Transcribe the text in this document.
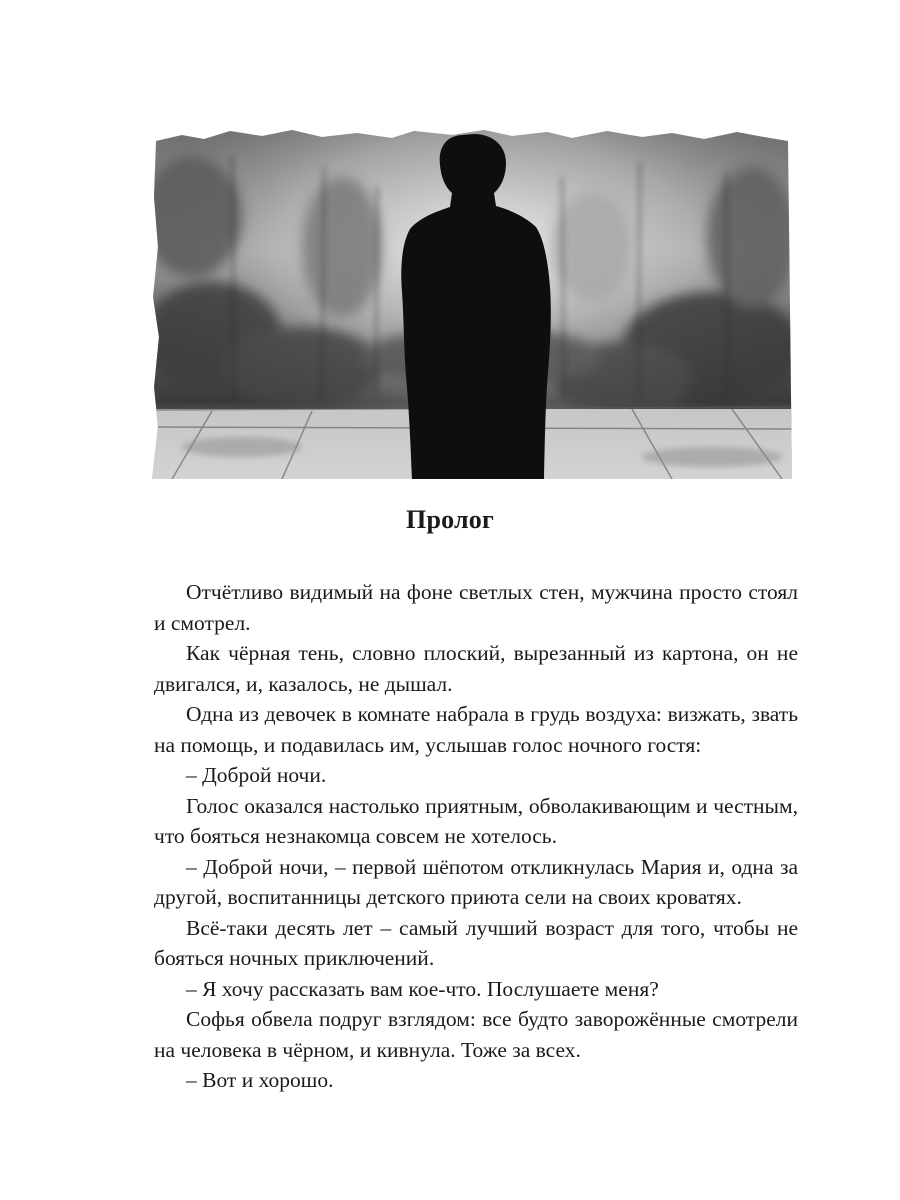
Пролог

Отчётливо видимый на фоне светлых стен, мужчина просто стоял и смотрел.

Как чёрная тень, словно плоский, вырезанный из картона, он не двигался, и, казалось, не дышал.

Одна из девочек в комнате набрала в грудь воздуха: визжать, звать на помощь, и подавилась им, услышав голос ночного гостя:

– Доброй ночи.

Голос оказался настолько приятным, обволакивающим и честным, что бояться незнакомца совсем не хотелось.

– Доброй ночи, – первой шёпотом откликнулась Мария и, одна за другой, воспитанницы детского приюта сели на своих кроватях.

Всё-таки десять лет – самый лучший возраст для того, чтобы не бояться ночных приключений.

– Я хочу рассказать вам кое-что. Послушаете меня?

Софья обвела подруг взглядом: все будто заворожённые смотрели на человека в чёрном, и кивнула. Тоже за всех.

– Вот и хорошо.
